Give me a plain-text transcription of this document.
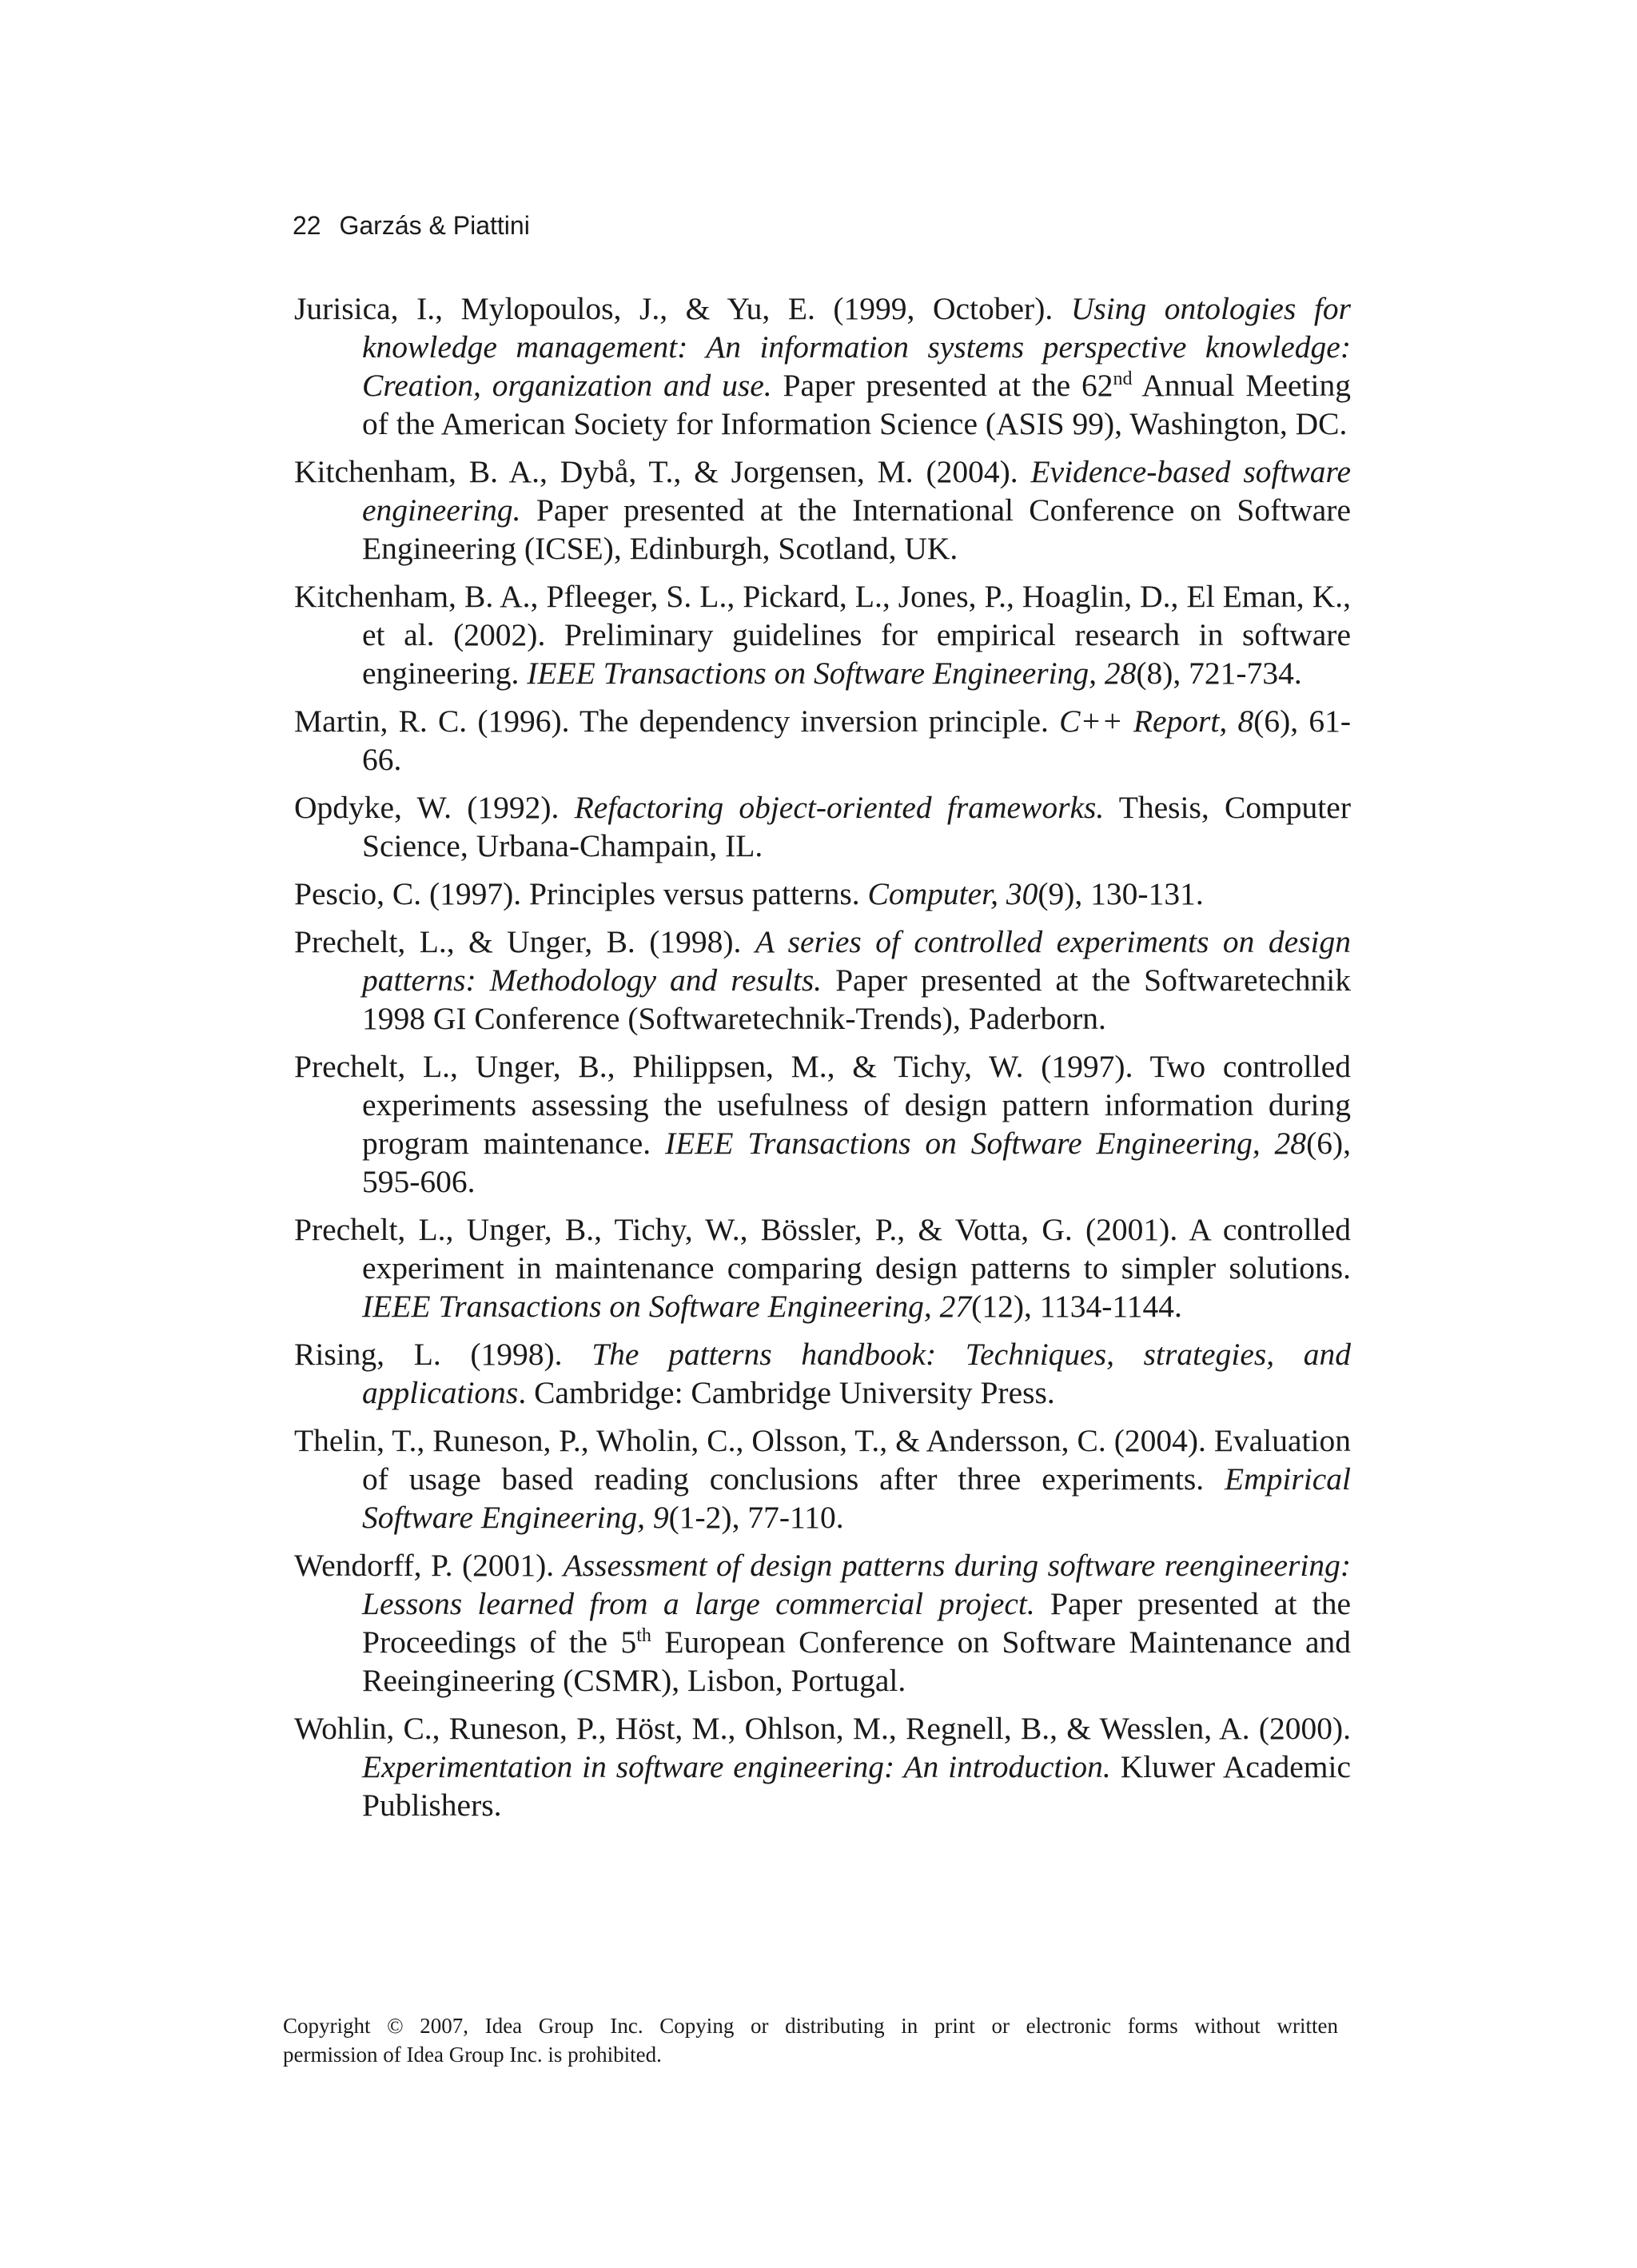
22 Garzás & Piattini

Jurisica, I., Mylopoulos, J., & Yu, E. (1999, October). Using ontologies for knowledge management: An information systems perspective knowledge: Creation, organization and use. Paper presented at the 62nd Annual Meeting of the American Society for Information Science (ASIS 99), Washington, DC.

Kitchenham, B. A., Dybå, T., & Jorgensen, M. (2004). Evidence-based software engineering. Paper presented at the International Conference on Software Engineering (ICSE), Edinburgh, Scotland, UK.

Kitchenham, B. A., Pfleeger, S. L., Pickard, L., Jones, P., Hoaglin, D., El Eman, K., et al. (2002). Preliminary guidelines for empirical research in software engineering. IEEE Transactions on Software Engineering, 28(8), 721-734.

Martin, R. C. (1996). The dependency inversion principle. C++ Report, 8(6), 61-66.

Opdyke, W. (1992). Refactoring object-oriented frameworks. Thesis, Computer Science, Urbana-Champain, IL.

Pescio, C. (1997). Principles versus patterns. Computer, 30(9), 130-131.

Prechelt, L., & Unger, B. (1998). A series of controlled experiments on design patterns: Methodology and results. Paper presented at the Softwaretechnik 1998 GI Conference (Softwaretechnik-Trends), Paderborn.

Prechelt, L., Unger, B., Philippsen, M., & Tichy, W. (1997). Two controlled experiments assessing the usefulness of design pattern information during program maintenance. IEEE Transactions on Software Engineering, 28(6), 595-606.

Prechelt, L., Unger, B., Tichy, W., Bössler, P., & Votta, G. (2001). A controlled experiment in maintenance comparing design patterns to simpler solutions. IEEE Transactions on Software Engineering, 27(12), 1134-1144.

Rising, L. (1998). The patterns handbook: Techniques, strategies, and applications. Cambridge: Cambridge University Press.

Thelin, T., Runeson, P., Wholin, C., Olsson, T., & Andersson, C. (2004). Evaluation of usage based reading conclusions after three experiments. Empirical Software Engineering, 9(1-2), 77-110.

Wendorff, P. (2001). Assessment of design patterns during software reengineering: Lessons learned from a large commercial project. Paper presented at the Proceedings of the 5th European Conference on Software Maintenance and Reeingineering (CSMR), Lisbon, Portugal.

Wohlin, C., Runeson, P., Höst, M., Ohlson, M., Regnell, B., & Wesslen, A. (2000). Experimentation in software engineering: An introduction. Kluwer Academic Publishers.

Copyright © 2007, Idea Group Inc. Copying or distributing in print or electronic forms without written
permission of Idea Group Inc. is prohibited.
